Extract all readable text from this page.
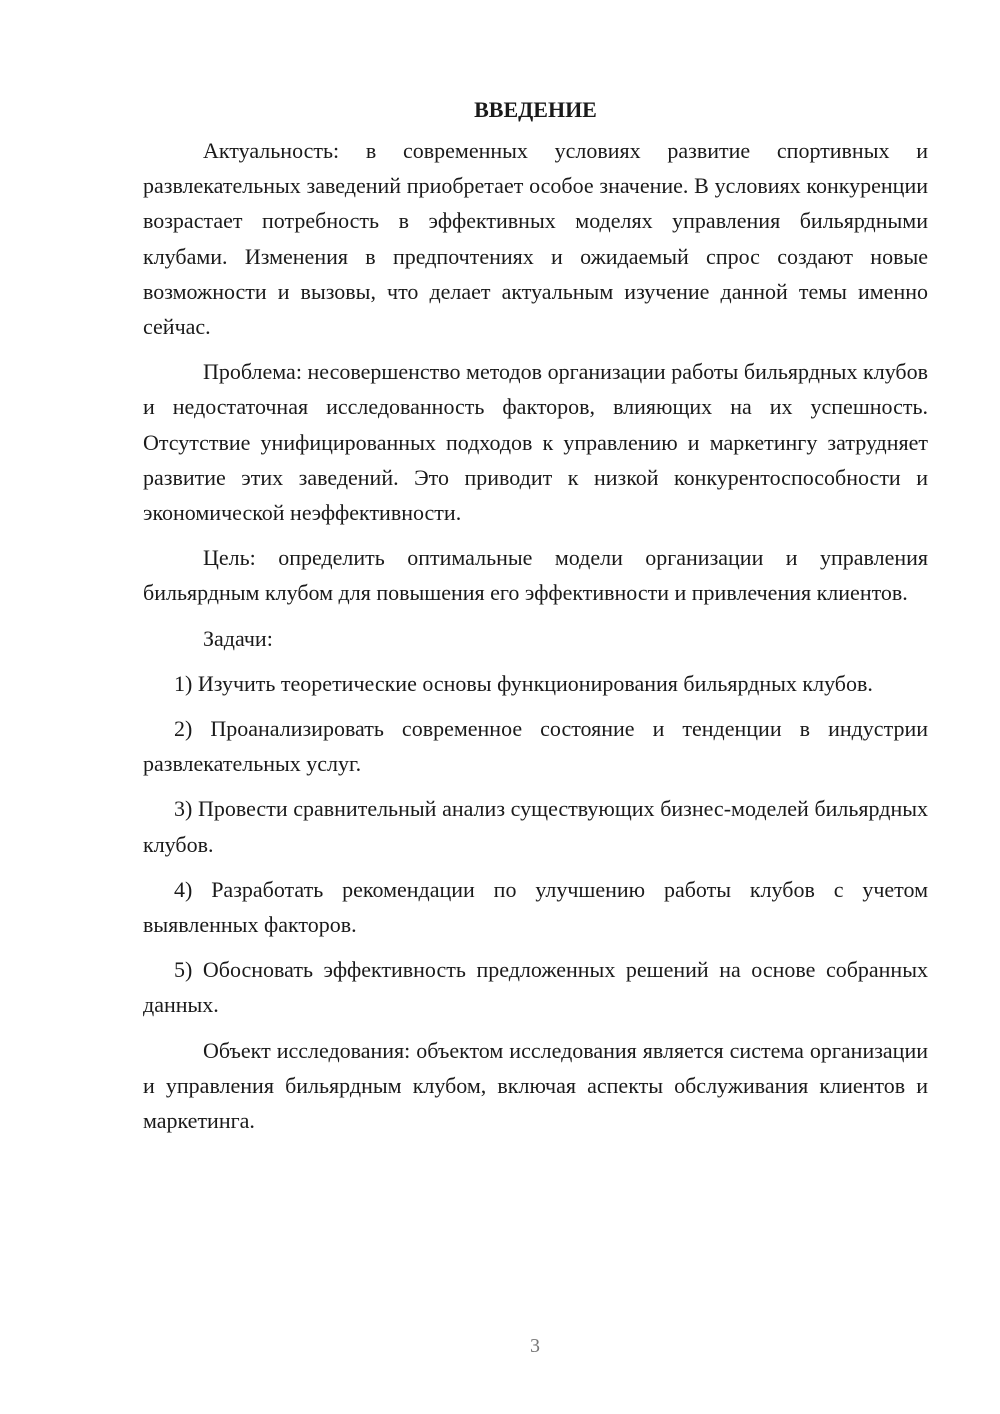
ВВЕДЕНИЕ

Актуальность: в современных условиях развитие спортивных и развлекательных заведений приобретает особое значение. В условиях конкуренции возрастает потребность в эффективных моделях управления бильярдными клубами. Изменения в предпочтениях и ожидаемый спрос создают новые возможности и вызовы, что делает актуальным изучение данной темы именно сейчас.

Проблема: несовершенство методов организации работы бильярдных клубов и недостаточная исследованность факторов, влияющих на их успешность. Отсутствие унифицированных подходов к управлению и маркетингу затрудняет развитие этих заведений. Это приводит к низкой конкурентоспособности и экономической неэффективности.

Цель: определить оптимальные модели организации и управления бильярдным клубом для повышения его эффективности и привлечения клиентов.

Задачи:

1) Изучить теоретические основы функционирования бильярдных клубов.

2) Проанализировать современное состояние и тенденции в индустрии развлекательных услуг.

3) Провести сравнительный анализ существующих бизнес-моделей бильярдных клубов.

4) Разработать рекомендации по улучшению работы клубов с учетом выявленных факторов.

5) Обосновать эффективность предложенных решений на основе собранных данных.

Объект исследования: объектом исследования является система организации и управления бильярдным клубом, включая аспекты обслуживания клиентов и маркетинга.

3
